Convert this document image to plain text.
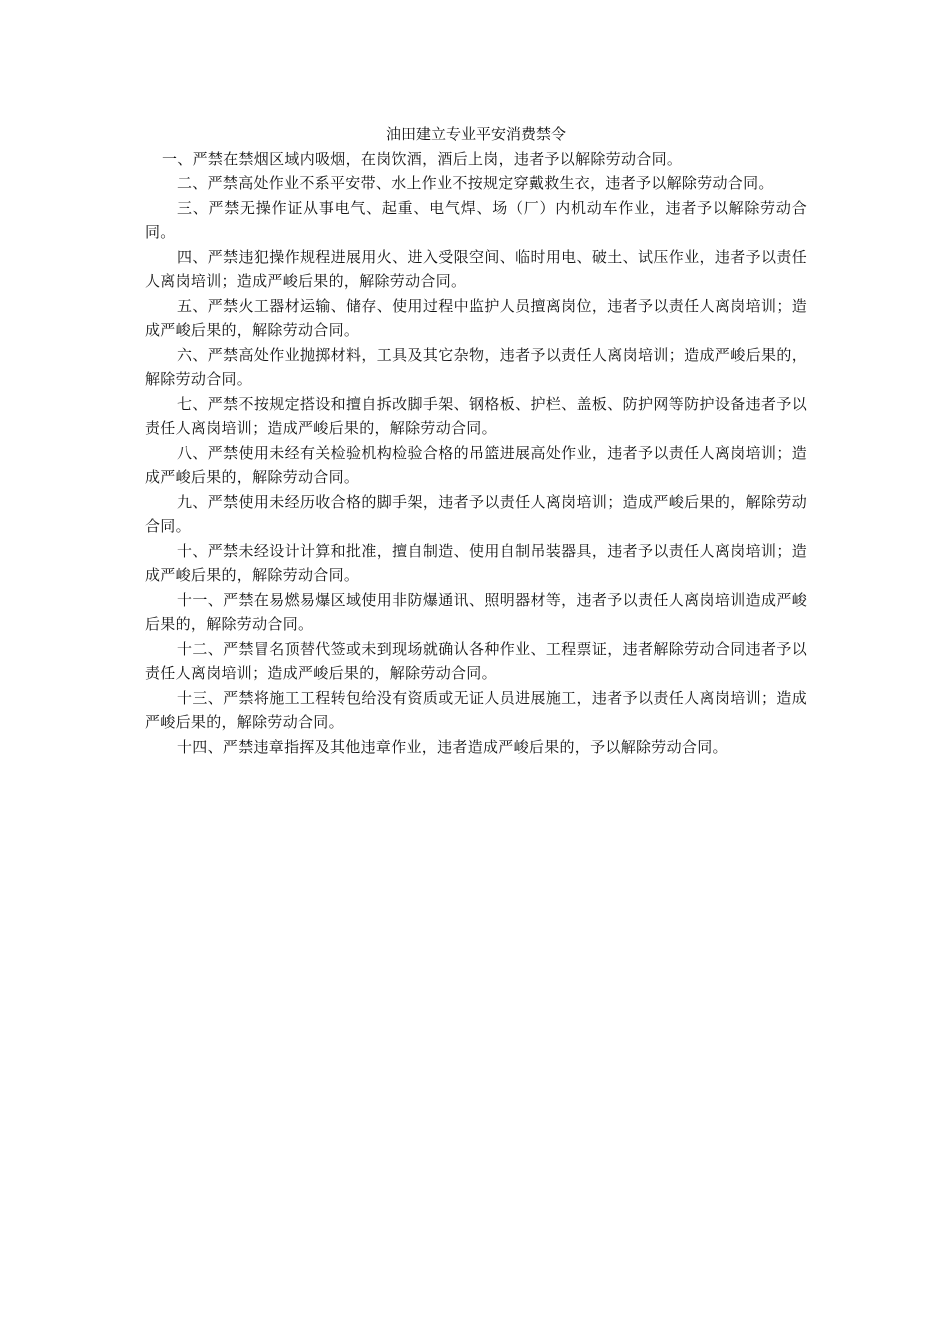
油田建立专业平安消费禁令

一、严禁在禁烟区域内吸烟，在岗饮酒，酒后上岗，违者予以解除劳动合同。

二、严禁高处作业不系平安带、水上作业不按规定穿戴救生衣，违者予以解除劳动合同。

三、严禁无操作证从事电气、起重、电气焊、场（厂）内机动车作业，违者予以解除劳动合同。

四、严禁违犯操作规程进展用火、进入受限空间、临时用电、破土、试压作业，违者予以责任人离岗培训；造成严峻后果的，解除劳动合同。

五、严禁火工器材运输、储存、使用过程中监护人员擅离岗位，违者予以责任人离岗培训；造成严峻后果的，解除劳动合同。

六、严禁高处作业抛掷材料，工具及其它杂物，违者予以责任人离岗培训；造成严峻后果的，解除劳动合同。

七、严禁不按规定搭设和擅自拆改脚手架、钢格板、护栏、盖板、防护网等防护设备违者予以责任人离岗培训；造成严峻后果的，解除劳动合同。

八、严禁使用未经有关检验机构检验合格的吊篮进展高处作业，违者予以责任人离岗培训；造成严峻后果的，解除劳动合同。

九、严禁使用未经历收合格的脚手架，违者予以责任人离岗培训；造成严峻后果的，解除劳动合同。

十、严禁未经设计计算和批准，擅自制造、使用自制吊装器具，违者予以责任人离岗培训；造成严峻后果的，解除劳动合同。

十一、严禁在易燃易爆区域使用非防爆通讯、照明器材等，违者予以责任人离岗培训造成严峻后果的，解除劳动合同。

十二、严禁冒名顶替代签或未到现场就确认各种作业、工程票证，违者解除劳动合同违者予以责任人离岗培训；造成严峻后果的，解除劳动合同。

十三、严禁将施工工程转包给没有资质或无证人员进展施工，违者予以责任人离岗培训；造成严峻后果的，解除劳动合同。

十四、严禁违章指挥及其他违章作业，违者造成严峻后果的，予以解除劳动合同。
